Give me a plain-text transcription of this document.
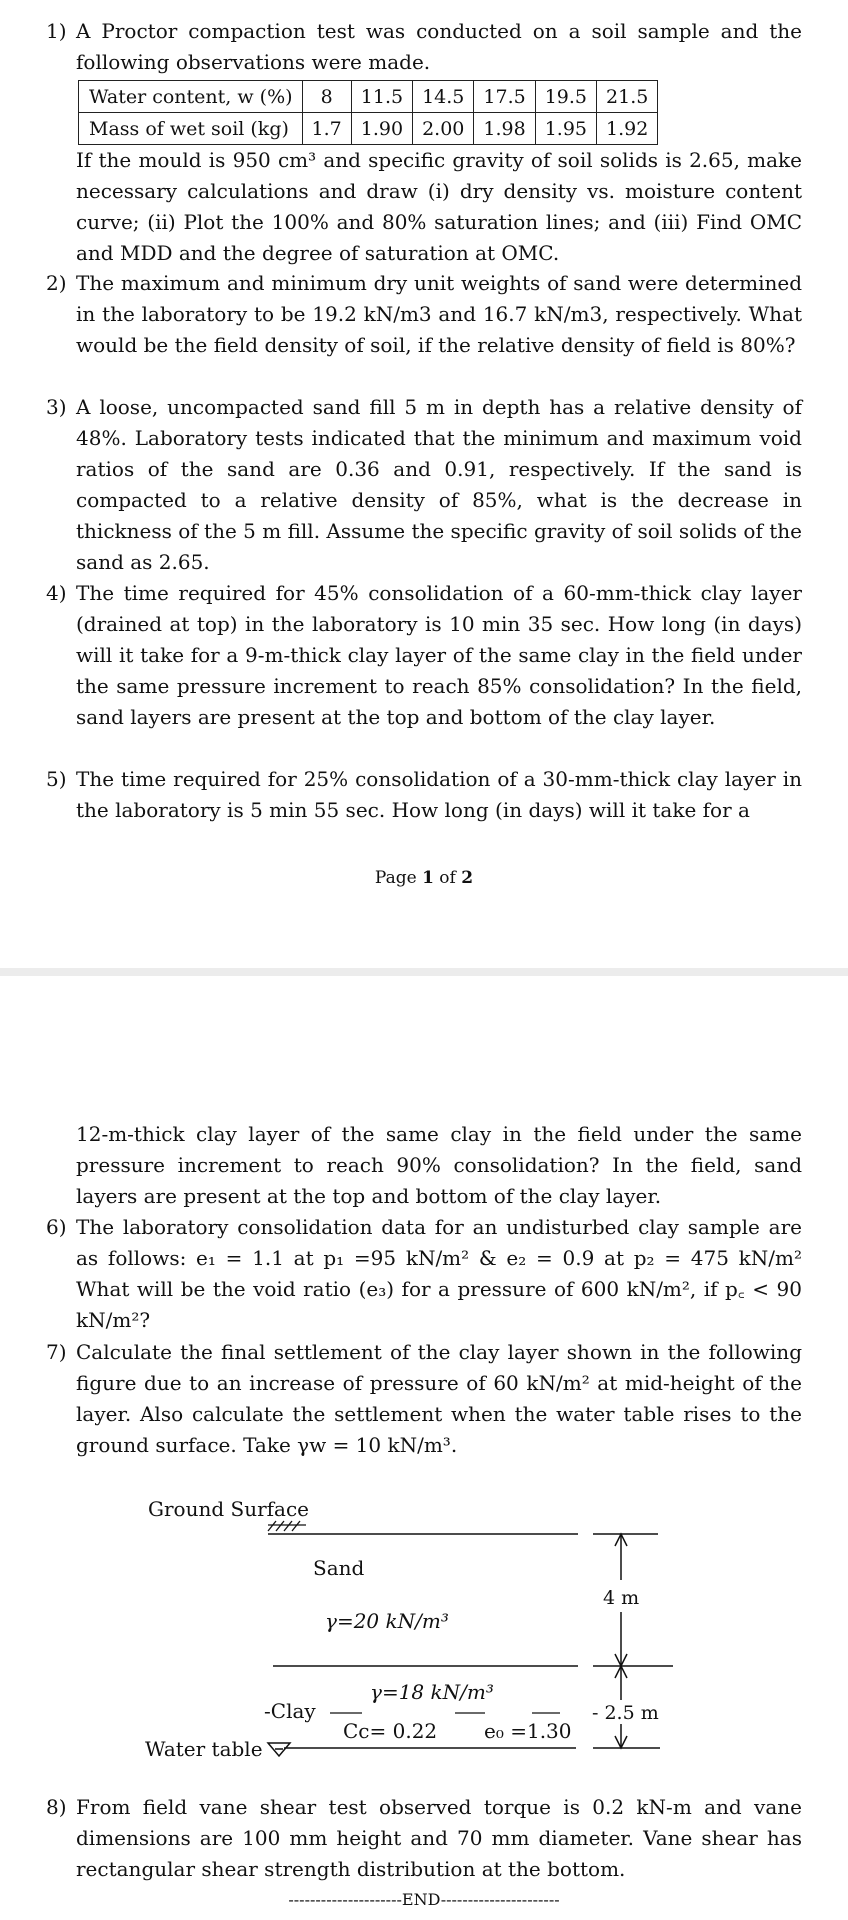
1) A Proctor compaction test was conducted on a soil sample and the following observations were made.
Water content, w (%)	8	11.5	14.5	17.5	19.5	21.5
Mass of wet soil (kg)	1.7	1.90	2.00	1.98	1.95	1.92
If the mould is 950 cm³ and specific gravity of soil solids is 2.65, make necessary calculations and draw (i) dry density vs. moisture content curve; (ii) Plot the 100% and 80% saturation lines; and (iii) Find OMC and MDD and the degree of saturation at OMC.
2) The maximum and minimum dry unit weights of sand were determined in the laboratory to be 19.2 kN/m3 and 16.7 kN/m3, respectively. What would be the field density of soil, if the relative density of field is 80%?
3) A loose, uncompacted sand fill 5 m in depth has a relative density of 48%. Laboratory tests indicated that the minimum and maximum void ratios of the sand are 0.36 and 0.91, respectively. If the sand is compacted to a relative density of 85%, what is the decrease in thickness of the 5 m fill. Assume the specific gravity of soil solids of the sand as 2.65.
4) The time required for 45% consolidation of a 60-mm-thick clay layer (drained at top) in the laboratory is 10 min 35 sec. How long (in days) will it take for a 9-m-thick clay layer of the same clay in the field under the same pressure increment to reach 85% consolidation? In the field, sand layers are present at the top and bottom of the clay layer.
5) The time required for 25% consolidation of a 30-mm-thick clay layer in the laboratory is 5 min 55 sec. How long (in days) will it take for a
Page 1 of 2
12-m-thick clay layer of the same clay in the field under the same pressure increment to reach 90% consolidation? In the field, sand layers are present at the top and bottom of the clay layer.
6) The laboratory consolidation data for an undisturbed clay sample are as follows: e₁ = 1.1 at p₁ =95 kN/m² & e₂ = 0.9 at p₂ = 475 kN/m² What will be the void ratio (e₃) for a pressure of 600 kN/m², if p꜀ < 90 kN/m²?
7) Calculate the final settlement of the clay layer shown in the following figure due to an increase of pressure of 60 kN/m² at mid-height of the layer. Also calculate the settlement when the water table rises to the ground surface. Take γw = 10 kN/m³.
Ground Surface
Sand
γ=20 kN/m³
γ=18 kN/m³
-Clay
Cc= 0.22 e₀ =1.30
Water table
4 m
- 2.5 m
8) From field vane shear test observed torque is 0.2 kN-m and vane dimensions are 100 mm height and 70 mm diameter. Vane shear has rectangular shear strength distribution at the bottom.
---------------------END----------------------
